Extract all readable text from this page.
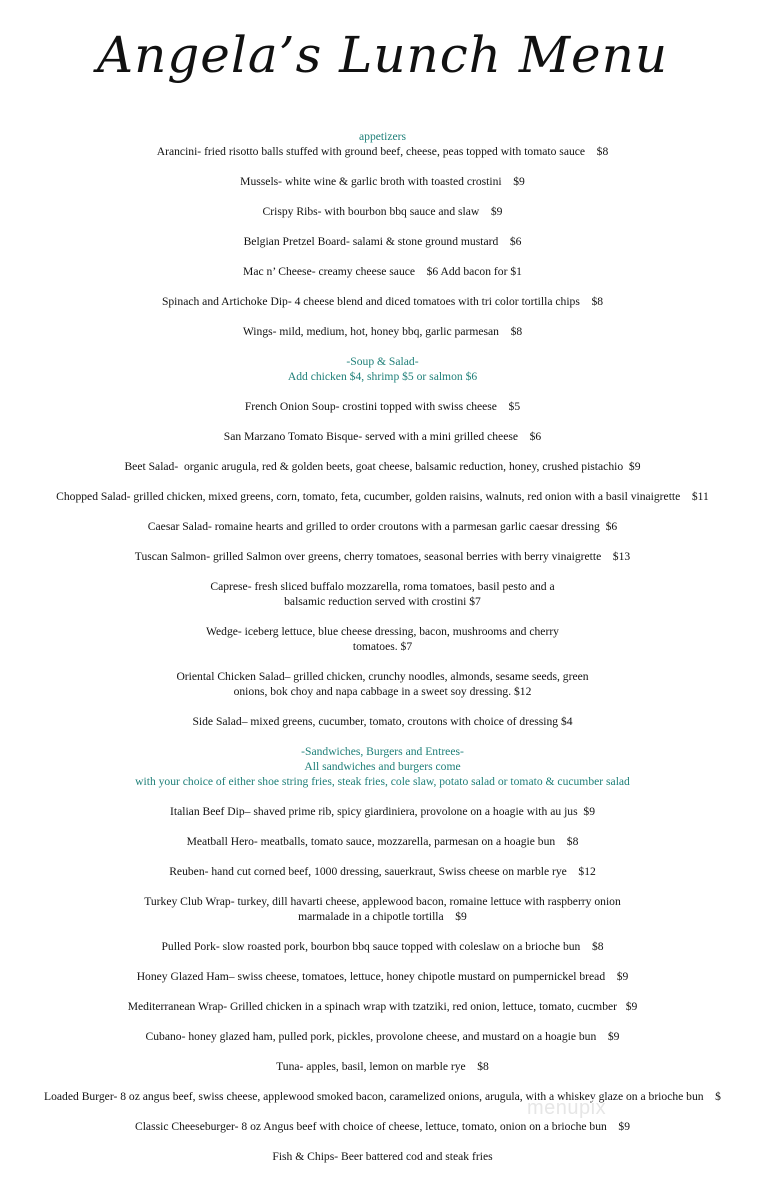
Angela’s Lunch Menu
appetizers
Arancini- fried risotto balls stuffed with ground beef, cheese, peas topped with tomato sauce    $8
Mussels- white wine & garlic broth with toasted crostini    $9
Crispy Ribs- with bourbon bbq sauce and slaw    $9
Belgian Pretzel Board- salami & stone ground mustard    $6
Mac n’ Cheese- creamy cheese sauce    $6 Add bacon for $1
Spinach and Artichoke Dip- 4 cheese blend and diced tomatoes with tri color tortilla chips    $8
Wings- mild, medium, hot, honey bbq, garlic parmesan    $8
-Soup & Salad-
Add chicken $4, shrimp $5 or salmon $6
French Onion Soup- crostini topped with swiss cheese    $5
San Marzano Tomato Bisque- served with a mini grilled cheese    $6
Beet Salad-  organic arugula, red & golden beets, goat cheese, balsamic reduction, honey, crushed pistachio  $9
Chopped Salad- grilled chicken, mixed greens, corn, tomato, feta, cucumber, golden raisins, walnuts, red onion with a basil vinaigrette    $11
Caesar Salad- romaine hearts and grilled to order croutons with a parmesan garlic caesar dressing  $6
Tuscan Salmon- grilled Salmon over greens, cherry tomatoes, seasonal berries with berry vinaigrette    $13
Caprese- fresh sliced buffalo mozzarella, roma tomatoes, basil pesto and a
balsamic reduction served with crostini $7
Wedge- iceberg lettuce, blue cheese dressing, bacon, mushrooms and cherry
tomatoes. $7
Oriental Chicken Salad– grilled chicken, crunchy noodles, almonds, sesame seeds, green
onions, bok choy and napa cabbage in a sweet soy dressing. $12
Side Salad– mixed greens, cucumber, tomato, croutons with choice of dressing $4
-Sandwiches, Burgers and Entrees-
All sandwiches and burgers come
with your choice of either shoe string fries, steak fries, cole slaw, potato salad or tomato & cucumber salad
Italian Beef Dip– shaved prime rib, spicy giardiniera, provolone on a hoagie with au jus  $9
Meatball Hero- meatballs, tomato sauce, mozzarella, parmesan on a hoagie bun    $8
Reuben- hand cut corned beef, 1000 dressing, sauerkraut, Swiss cheese on marble rye    $12
Turkey Club Wrap- turkey, dill havarti cheese, applewood bacon, romaine lettuce with raspberry onion
marmalade in a chipotle tortilla    $9
Pulled Pork- slow roasted pork, bourbon bbq sauce topped with coleslaw on a brioche bun    $8
Honey Glazed Ham– swiss cheese, tomatoes, lettuce, honey chipotle mustard on pumpernickel bread    $9
Mediterranean Wrap- Grilled chicken in a spinach wrap with tzatziki, red onion, lettuce, tomato, cucmber   $9
Cubano- honey glazed ham, pulled pork, pickles, provolone cheese, and mustard on a hoagie bun    $9
Tuna- apples, basil, lemon on marble rye    $8
Loaded Burger- 8 oz angus beef, swiss cheese, applewood smoked bacon, caramelized onions, arugula, with a whiskey glaze on a brioche bun    $
Classic Cheeseburger- 8 oz Angus beef with choice of cheese, lettuce, tomato, onion on a brioche bun    $9
Fish & Chips- Beer battered cod and steak fries
menupix
